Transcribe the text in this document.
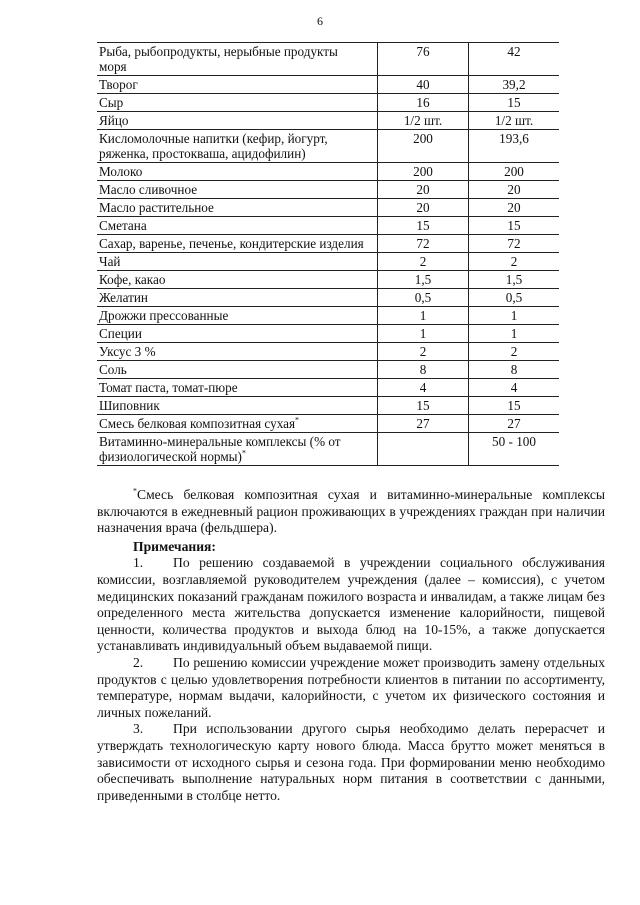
6
Рыба, рыбопродукты, нерыбные продукты моря	76	42
Творог	40	39,2
Сыр	16	15
Яйцо	1/2 шт.	1/2 шт.
Кисломолочные напитки (кефир, йогурт, ряженка, простокваша, ацидофилин)	200	193,6
Молоко	200	200
Масло сливочное	20	20
Масло растительное	20	20
Сметана	15	15
Сахар, варенье, печенье, кондитерские изделия	72	72
Чай	2	2
Кофе, какао	1,5	1,5
Желатин	0,5	0,5
Дрожжи прессованные	1	1
Специи	1	1
Уксус 3 %	2	2
Соль	8	8
Томат паста, томат-пюре	4	4
Шиповник	15	15
Смесь белковая композитная сухая*	27	27
Витаминно-минеральные комплексы (% от физиологической нормы)*		50 - 100

*Смесь белковая композитная сухая и витаминно-минеральные комплексы включаются в ежедневный рацион проживающих в учреждениях граждан при наличии назначения врача (фельдшера).

Примечания:

1. По решению создаваемой в учреждении социального обслуживания комиссии, возглавляемой руководителем учреждения (далее – комиссия), с учетом медицинских показаний гражданам пожилого возраста и инвалидам, а также лицам без определенного места жительства допускается изменение калорийности, пищевой ценности, количества продуктов и выхода блюд на 10-15%, а также допускается устанавливать индивидуальный объем выдаваемой пищи.

2. По решению комиссии учреждение может производить замену отдельных продуктов с целью удовлетворения потребности клиентов в питании по ассортименту, температуре, нормам выдачи, калорийности, с учетом их физического состояния и личных пожеланий.

3. При использовании другого сырья необходимо делать перерасчет и утверждать технологическую карту нового блюда. Масса брутто может меняться в зависимости от исходного сырья и сезона года. При формировании меню необходимо обеспечивать выполнение натуральных норм питания в соответствии с данными, приведенными в столбце нетто.
